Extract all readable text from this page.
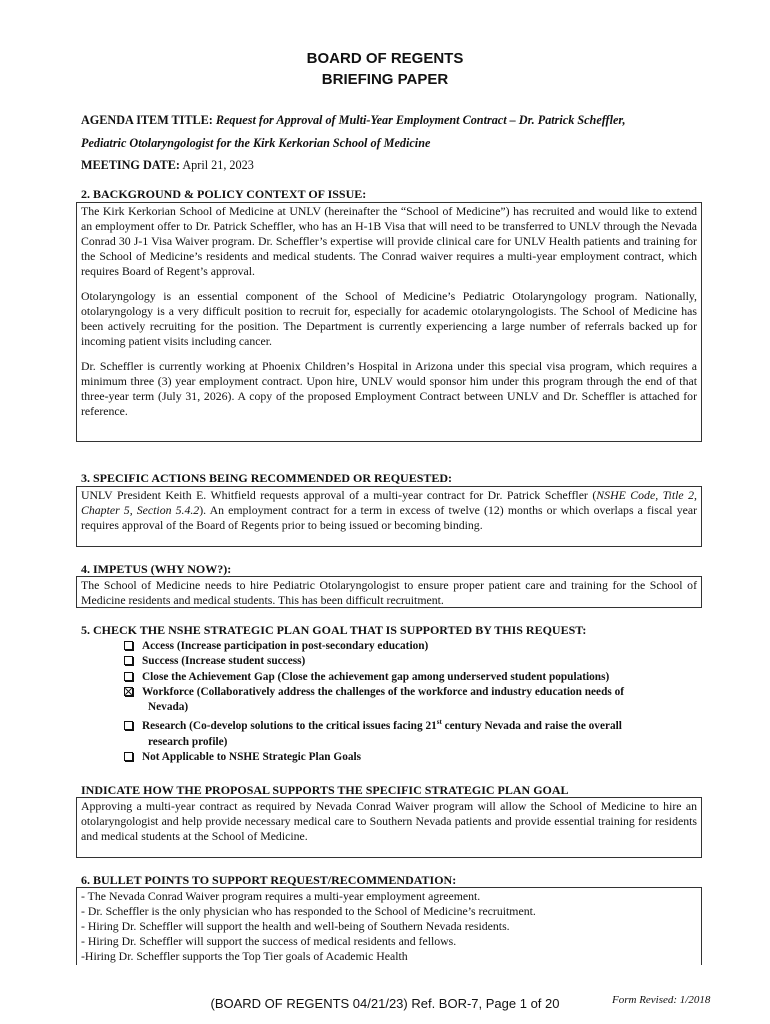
BOARD OF REGENTS
BRIEFING PAPER
AGENDA ITEM TITLE: Request for Approval of Multi-Year Employment Contract – Dr. Patrick Scheffler,
Pediatric Otolaryngologist for the Kirk Kerkorian School of Medicine
MEETING DATE: April 21, 2023
2. BACKGROUND & POLICY CONTEXT OF ISSUE:

The Kirk Kerkorian School of Medicine at UNLV (hereinafter the “School of Medicine”) has recruited and would like to extend an employment offer to Dr. Patrick Scheffler, who has an H-1B Visa that will need to be transferred to UNLV through the Nevada Conrad 30 J-1 Visa Waiver program. Dr. Scheffler’s expertise will provide clinical care for UNLV Health patients and training for the School of Medicine’s residents and medical students. The Conrad waiver requires a multi-year employment contract, which requires Board of Regent’s approval.

Otolaryngology is an essential component of the School of Medicine’s Pediatric Otolaryngology program. Nationally, otolaryngology is a very difficult position to recruit for, especially for academic otolaryngologists. The School of Medicine has been actively recruiting for the position. The Department is currently experiencing a large number of referrals backed up for incoming patient visits including cancer.

Dr. Scheffler is currently working at Phoenix Children’s Hospital in Arizona under this special visa program, which requires a minimum three (3) year employment contract. Upon hire, UNLV would sponsor him under this program through the end of that three-year term (July 31, 2026). A copy of the proposed Employment Contract between UNLV and Dr. Scheffler is attached for reference.

3. SPECIFIC ACTIONS BEING RECOMMENDED OR REQUESTED:

UNLV President Keith E. Whitfield requests approval of a multi-year contract for Dr. Patrick Scheffler (NSHE Code, Title 2, Chapter 5, Section 5.4.2). An employment contract for a term in excess of twelve (12) months or which overlaps a fiscal year requires approval of the Board of Regents prior to being issued or becoming binding.

4. IMPETUS (WHY NOW?):

The School of Medicine needs to hire Pediatric Otolaryngologist to ensure proper patient care and training for the School of Medicine residents and medical students. This has been difficult recruitment.

5. CHECK THE NSHE STRATEGIC PLAN GOAL THAT IS SUPPORTED BY THIS REQUEST:
Access (Increase participation in post-secondary education)
Success (Increase student success)
Close the Achievement Gap (Close the achievement gap among underserved student populations)
Workforce (Collaboratively address the challenges of the workforce and industry education needs of
Nevada)
Research (Co-develop solutions to the critical issues facing 21st century Nevada and raise the overall
research profile)
Not Applicable to NSHE Strategic Plan Goals
INDICATE HOW THE PROPOSAL SUPPORTS THE SPECIFIC STRATEGIC PLAN GOAL

Approving a multi-year contract as required by Nevada Conrad Waiver program will allow the School of Medicine to hire an otolaryngologist and help provide necessary medical care to Southern Nevada patients and provide essential training for residents and medical students at the School of Medicine.

6. BULLET POINTS TO SUPPORT REQUEST/RECOMMENDATION:

- The Nevada Conrad Waiver program requires a multi-year employment agreement.

- Dr. Scheffler is the only physician who has responded to the School of Medicine’s recruitment.

- Hiring Dr. Scheffler will support the health and well-being of Southern Nevada residents.

- Hiring Dr. Scheffler will support the success of medical residents and fellows.

-Hiring Dr. Scheffler supports the Top Tier goals of Academic Health

(BOARD OF REGENTS 04/21/23) Ref. BOR-7, Page 1 of 20	Form Revised: 1/2018
